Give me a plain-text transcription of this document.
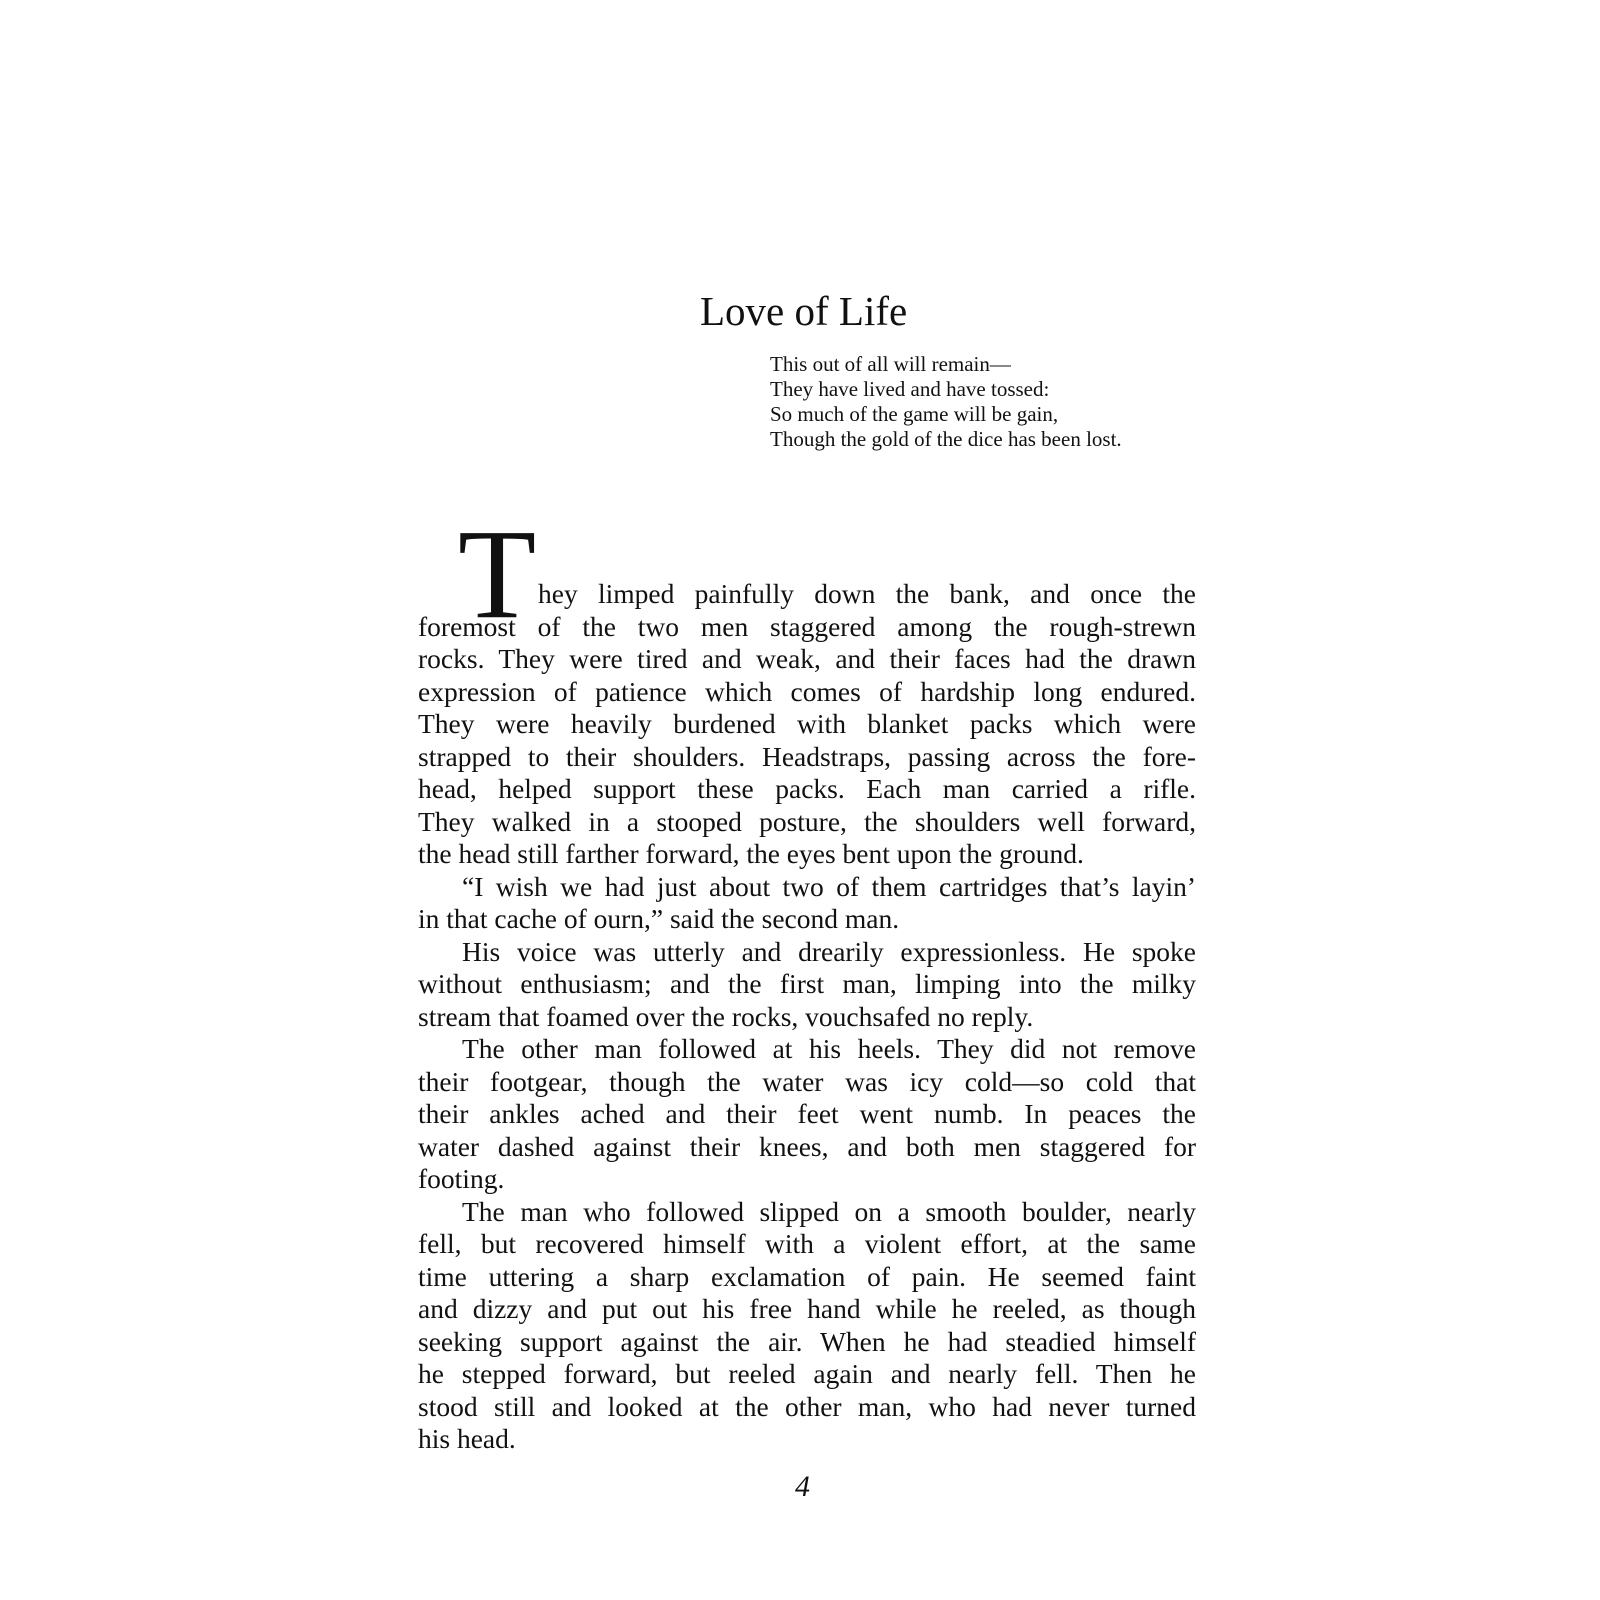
Love of Life
This out of all will remain—
They have lived and have tossed:
So much of the game will be gain,
Though the gold of the dice has been lost.
T hey limped painfully down the bank, and once the
foremost of the two men staggered among the rough-strewn
rocks. They were tired and weak, and their faces had the drawn
expression of patience which comes of hardship long endured.
They were heavily burdened with blanket packs which were
strapped to their shoulders. Headstraps, passing across the fore-
head, helped support these packs. Each man carried a rifle.
They walked in a stooped posture, the shoulders well forward,
the head still farther forward, the eyes bent upon the ground.
“I wish we had just about two of them cartridges that’s layin’
in that cache of ourn,” said the second man.
His voice was utterly and drearily expressionless. He spoke
without enthusiasm; and the first man, limping into the milky
stream that foamed over the rocks, vouchsafed no reply.
The other man followed at his heels. They did not remove
their footgear, though the water was icy cold—so cold that
their ankles ached and their feet went numb. In peaces the
water dashed against their knees, and both men staggered for
footing.
The man who followed slipped on a smooth boulder, nearly
fell, but recovered himself with a violent effort, at the same
time uttering a sharp exclamation of pain. He seemed faint
and dizzy and put out his free hand while he reeled, as though
seeking support against the air. When he had steadied himself
he stepped forward, but reeled again and nearly fell. Then he
stood still and looked at the other man, who had never turned
his head.
4
